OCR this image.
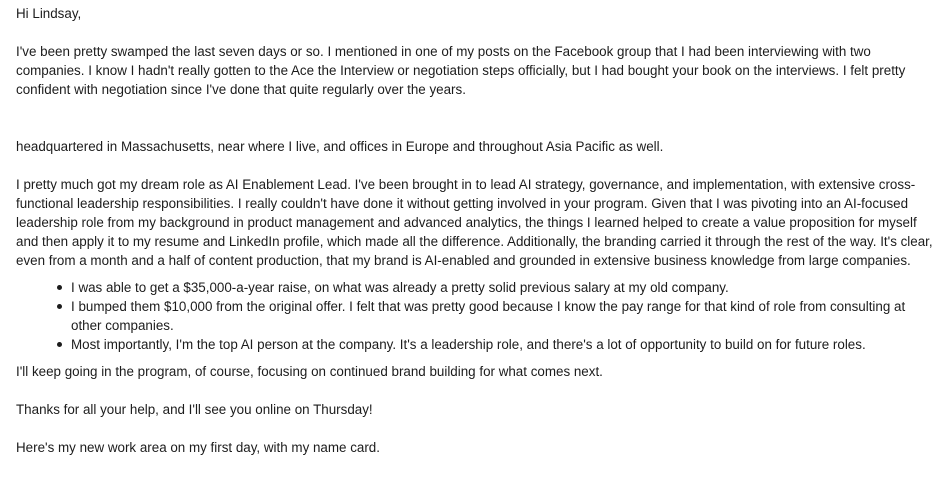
Hi Lindsay,

I've been pretty swamped the last seven days or so. I mentioned in one of my posts on the Facebook group that I had been interviewing with two companies. I know I hadn't really gotten to the Ace the Interview or negotiation steps officially, but I had bought your book on the interviews. I felt pretty confident with negotiation since I've done that quite regularly over the years.

headquartered in Massachusetts, near where I live, and offices in Europe and throughout Asia Pacific as well.

I pretty much got my dream role as AI Enablement Lead. I've been brought in to lead AI strategy, governance, and implementation, with extensive cross-functional leadership responsibilities. I really couldn't have done it without getting involved in your program. Given that I was pivoting into an AI-focused leadership role from my background in product management and advanced analytics, the things I learned helped to create a value proposition for myself and then apply it to my resume and LinkedIn profile, which made all the difference. Additionally, the branding carried it through the rest of the way. It's clear, even from a month and a half of content production, that my brand is AI-enabled and grounded in extensive business knowledge from large companies.

I was able to get a $35,000-a-year raise, on what was already a pretty solid previous salary at my old company.
I bumped them $10,000 from the original offer. I felt that was pretty good because I know the pay range for that kind of role from consulting at other companies.
Most importantly, I'm the top AI person at the company. It's a leadership role, and there's a lot of opportunity to build on for future roles.

I'll keep going in the program, of course, focusing on continued brand building for what comes next.

Thanks for all your help, and I'll see you online on Thursday!

Here's my new work area on my first day, with my name card.
